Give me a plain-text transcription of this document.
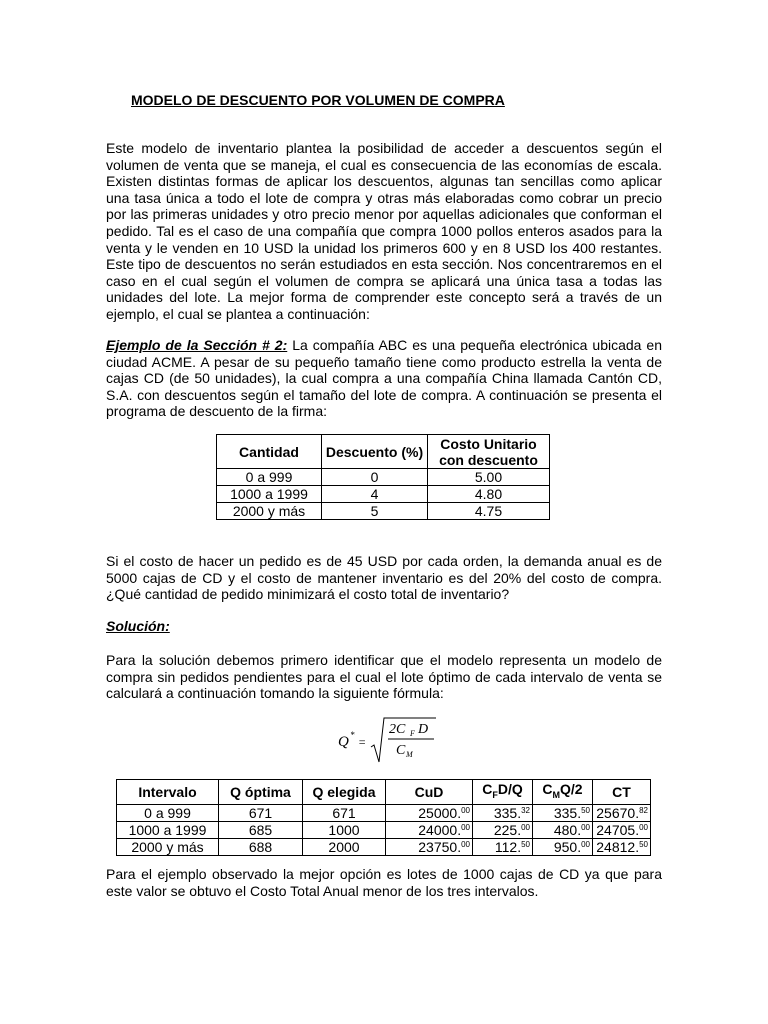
MODELO DE DESCUENTO POR VOLUMEN DE COMPRA

Este modelo de inventario plantea la posibilidad de acceder a descuentos según el volumen de venta que se maneja, el cual es consecuencia de las economías de escala. Existen distintas formas de aplicar los descuentos, algunas tan sencillas como aplicar una tasa única a todo el lote de compra y otras más elaboradas como cobrar un precio por las primeras unidades y otro precio menor por aquellas adicionales que conforman el pedido. Tal es el caso de una compañía que compra 1000 pollos enteros asados para la venta y le venden en 10 USD la unidad los primeros 600 y en 8 USD los 400 restantes. Este tipo de descuentos no serán estudiados en esta sección. Nos concentraremos en el caso en el cual según el volumen de compra se aplicará una única tasa a todas las unidades del lote. La mejor forma de comprender este concepto será a través de un ejemplo, el cual se plantea a continuación:

Ejemplo de la Sección # 2: La compañía ABC es una pequeña electrónica ubicada en ciudad ACME. A pesar de su pequeño tamaño tiene como producto estrella la venta de cajas CD (de 50 unidades), la cual compra a una compañía China llamada Cantón CD, S.A. con descuentos según el tamaño del lote de compra. A continuación se presenta el programa de descuento de la firma:

Cantidad	Descuento (%)	Costo Unitario con descuento
0 a 999	0	5.00
1000 a 1999	4	4.80
2000 y más	5	4.75

Si el costo de hacer un pedido es de 45 USD por cada orden, la demanda anual es de 5000 cajas de CD y el costo de mantener inventario es del 20% del costo de compra. ¿Qué cantidad de pedido minimizará el costo total de inventario?

Solución:

Para la solución debemos primero identificar que el modelo representa un modelo de compra sin pedidos pendientes para el cual el lote óptimo de cada intervalo de venta se calculará a continuación tomando la siguiente fórmula:

Q * =
2C F D
C M
Intervalo	Q óptima	Q elegida	CuD	$C_FD/Q$	$C_MQ/2$	CT
0 a 999	671	671	25000.00	335.32	335.50	25670.82
1000 a 1999	685	1000	24000.00	225.00	480.00	24705.00
2000 y más	688	2000	23750.00	112.50	950.00	24812.50

Para el ejemplo observado la mejor opción es lotes de 1000 cajas de CD ya que para este valor se obtuvo el Costo Total Anual menor de los tres intervalos.
